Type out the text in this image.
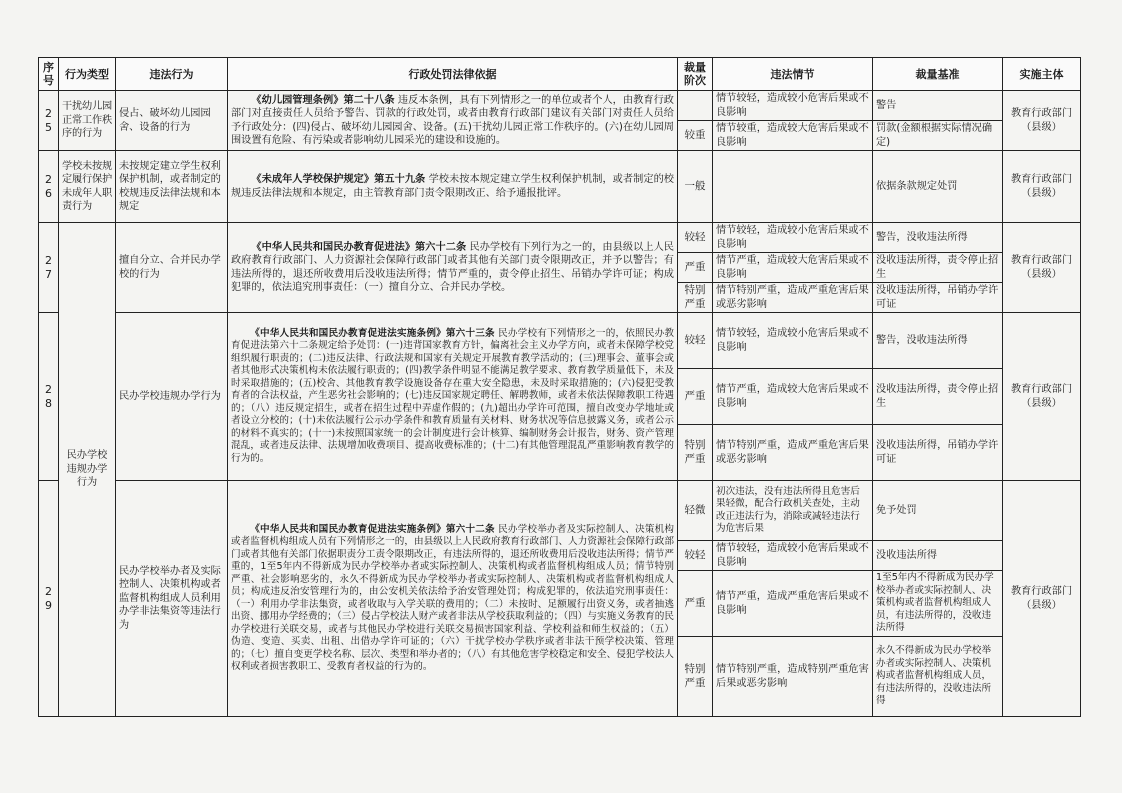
序号	行为类型	违法行为	行政处罚法律依据	裁量阶次	违法情节	裁量基准	实施主体
25	干扰幼儿园正常工作秩序的行为	侵占、破坏幼儿园园舍、设备的行为	《幼儿园管理条例》第二十八条 违反本条例，具有下列情形之一的单位或者个人，由教育行政部门对直接责任人员给予警告、罚款的行政处罚，或者由教育行政部门建议有关部门对责任人员给予行政处分：(四)侵占、破坏幼儿园园舍、设备。(五)干扰幼儿园正常工作秩序的。(六)在幼儿园周围设置有危险、有污染或者影响幼儿园采光的建设和设施的。		情节较轻，造成较小危害后果或不良影响	警告	教育行政部门（县级）
				较重	情节较重，造成较大危害后果或不良影响	罚款(金额根据实际情况确定)	
26	学校未按规定履行保护未成年人职责行为	未按规定建立学生权利保护机制，或者制定的校规违反法律法规和本规定	《未成年人学校保护规定》第五十九条 学校未按本规定建立学生权利保护机制，或者制定的校规违反法律法规和本规定，由主管教育部门责令限期改正、给予通报批评。	一般		依据条款规定处罚	教育行政部门（县级）
27	民办学校违规办学行为	擅自分立、合并民办学校的行为	《中华人民共和国民办教育促进法》第六十二条 民办学校有下列行为之一的，由县级以上人民政府教育行政部门、人力资源社会保障行政部门或者其他有关部门责令限期改正，并予以警告；有违法所得的，退还所收费用后没收违法所得；情节严重的，责令停止招生、吊销办学许可证；构成犯罪的，依法追究刑事责任：（一）擅自分立、合并民办学校。	较轻	情节较轻，造成较小危害后果或不良影响	警告，没收违法所得	教育行政部门（县级）
				严重	情节严重，造成较大危害后果或不良影响	没收违法所得，责令停止招生	
				特别严重	情节特别严重，造成严重危害后果或恶劣影响	没收违法所得，吊销办学许可证	
28		民办学校违规办学行为	《中华人民共和国民办教育促进法实施条例》第六十三条 民办学校有下列情形之一的，依照民办教育促进法第六十二条规定给予处罚：(一)违背国家教育方针，偏离社会主义办学方向，或者未保障学校党组织履行职责的；(二)违反法律、行政法规和国家有关规定开展教育教学活动的；(三)理事会、董事会或者其他形式决策机构未依法履行职责的；(四)教学条件明显不能满足教学要求、教育教学质量低下，未及时采取措施的；(五)校舍、其他教育教学设施设备存在重大安全隐患，未及时采取措施的；(六)侵犯受教育者的合法权益，产生恶劣社会影响的；(七)违反国家规定聘任、解聘教师，或者未依法保障教职工待遇的；（八）违反规定招生，或者在招生过程中弄虚作假的；(九)超出办学许可范围，擅自改变办学地址或者设立分校的；(十)未依法履行公示办学条件和教育质量有关材料、财务状况等信息披露义务，或者公示的材料不真实的；(十一)未按照国家统一的会计制度进行会计核算、编制财务会计报告，财务、资产管理混乱，或者违反法律、法规增加收费项目、提高收费标准的；(十二)有其他管理混乱严重影响教育教学的行为的。	较轻	情节较轻，造成较小危害后果或不良影响	警告，没收违法所得	教育行政部门（县级）
				严重	情节严重，造成较大危害后果或不良影响	没收违法所得，责令停止招生	
				特别严重	情节特别严重，造成严重危害后果或恶劣影响	没收违法所得，吊销办学许可证	
29		民办学校举办者及实际控制人、决策机构或者监督机构组成人员利用办学非法集资等违法行为	《中华人民共和国民办教育促进法实施条例》第六十二条 民办学校举办者及实际控制人、决策机构或者监督机构组成人员有下列情形之一的，由县级以上人民政府教育行政部门、人力资源社会保障行政部门或者其他有关部门依据职责分工责令限期改正，有违法所得的，退还所收费用后没收违法所得；情节严重的，1至5年内不得新成为民办学校举办者或实际控制人、决策机构或者监督机构组成人员；情节特别严重、社会影响恶劣的，永久不得新成为民办学校举办者或实际控制人、决策机构或者监督机构组成人员；构成违反治安管理行为的，由公安机关依法给予治安管理处罚；构成犯罪的，依法追究刑事责任：（一）利用办学非法集资，或者收取与入学关联的费用的；（二）未按时、足额履行出资义务，或者抽逃出资、挪用办学经费的；（三）侵占学校法人财产或者非法从学校获取利益的；（四）与实施义务教育的民办学校进行关联交易，或者与其他民办学校进行关联交易损害国家利益、学校利益和师生权益的；（五）伪造、变造、买卖、出租、出借办学许可证的；（六）干扰学校办学秩序或者非法干预学校决策、管理的；（七）擅自变更学校名称、层次、类型和举办者的；（八）有其他危害学校稳定和安全、侵犯学校法人权利或者损害教职工、受教育者权益的行为的。	轻微	初次违法，没有违法所得且危害后果轻微，配合行政机关查处，主动改正违法行为，消除或减轻违法行为危害后果	免予处罚	教育行政部门（县级）
				较轻	情节较轻，造成较小危害后果或不良影响	没收违法所得	
				严重	情节严重，造成严重危害后果或不良影响	1至5年内不得新成为民办学校举办者或实际控制人、决策机构或者监督机构组成人员，有违法所得的，没收违法所得	
				特别严重	情节特别严重，造成特别严重危害后果或恶劣影响	永久不得新成为民办学校举办者或实际控制人、决策机构或者监督机构组成人员，有违法所得的，没收违法所得	
